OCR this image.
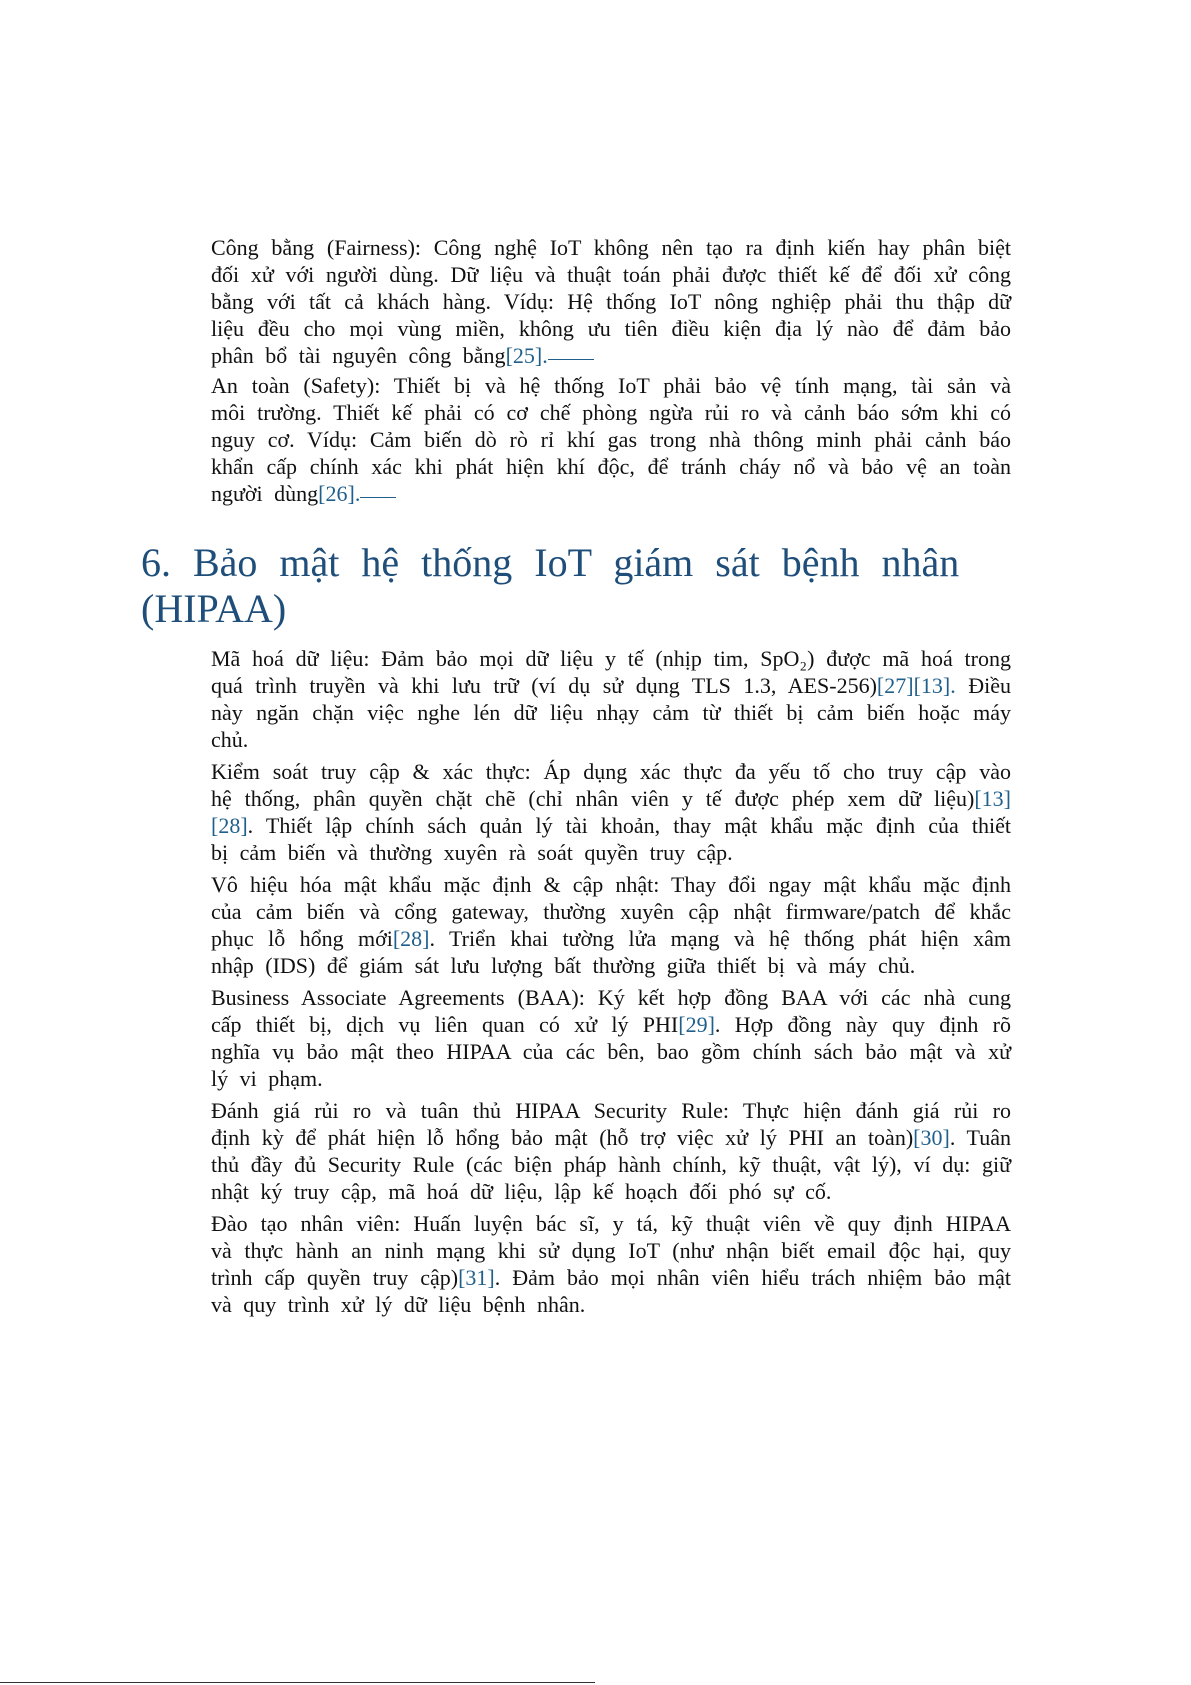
Công bằng (Fairness): Công nghệ IoT không nên tạo ra định kiến hay phân biệt đối xử với người dùng. Dữ liệu và thuật toán phải được thiết kế để đối xử công bằng với tất cả khách hàng. Vídụ: Hệ thống IoT nông nghiệp phải thu thập dữ liệu đều cho mọi vùng miền, không ưu tiên điều kiện địa lý nào để đảm bảo phân bổ tài nguyên công bằng[25].
An toàn (Safety): Thiết bị và hệ thống IoT phải bảo vệ tính mạng, tài sản và môi trường. Thiết kế phải có cơ chế phòng ngừa rủi ro và cảnh báo sớm khi có nguy cơ. Vídụ: Cảm biến dò rò rỉ khí gas trong nhà thông minh phải cảnh báo khẩn cấp chính xác khi phát hiện khí độc, để tránh cháy nổ và bảo vệ an toàn người dùng[26].
6. Bảo mật hệ thống IoT giám sát bệnh nhân (HIPAA)
Mã hoá dữ liệu: Đảm bảo mọi dữ liệu y tế (nhịp tim, SpO₂) được mã hoá trong quá trình truyền và khi lưu trữ (ví dụ sử dụng TLS 1.3, AES-256)[27][13]. Điều này ngăn chặn việc nghe lén dữ liệu nhạy cảm từ thiết bị cảm biến hoặc máy chủ.
Kiểm soát truy cập & xác thực: Áp dụng xác thực đa yếu tố cho truy cập vào hệ thống, phân quyền chặt chẽ (chỉ nhân viên y tế được phép xem dữ liệu)[13][28]. Thiết lập chính sách quản lý tài khoản, thay mật khẩu mặc định của thiết bị cảm biến và thường xuyên rà soát quyền truy cập.
Vô hiệu hóa mật khẩu mặc định & cập nhật: Thay đổi ngay mật khẩu mặc định của cảm biến và cổng gateway, thường xuyên cập nhật firmware/patch để khắc phục lỗ hổng mới[28]. Triển khai tường lửa mạng và hệ thống phát hiện xâm nhập (IDS) để giám sát lưu lượng bất thường giữa thiết bị và máy chủ.
Business Associate Agreements (BAA): Ký kết hợp đồng BAA với các nhà cung cấp thiết bị, dịch vụ liên quan có xử lý PHI[29]. Hợp đồng này quy định rõ nghĩa vụ bảo mật theo HIPAA của các bên, bao gồm chính sách bảo mật và xử lý vi phạm.
Đánh giá rủi ro và tuân thủ HIPAA Security Rule: Thực hiện đánh giá rủi ro định kỳ để phát hiện lỗ hổng bảo mật (hỗ trợ việc xử lý PHI an toàn)[30]. Tuân thủ đầy đủ Security Rule (các biện pháp hành chính, kỹ thuật, vật lý), ví dụ: giữ nhật ký truy cập, mã hoá dữ liệu, lập kế hoạch đối phó sự cố.
Đào tạo nhân viên: Huấn luyện bác sĩ, y tá, kỹ thuật viên về quy định HIPAA và thực hành an ninh mạng khi sử dụng IoT (như nhận biết email độc hại, quy trình cấp quyền truy cập)[31]. Đảm bảo mọi nhân viên hiểu trách nhiệm bảo mật và quy trình xử lý dữ liệu bệnh nhân.
